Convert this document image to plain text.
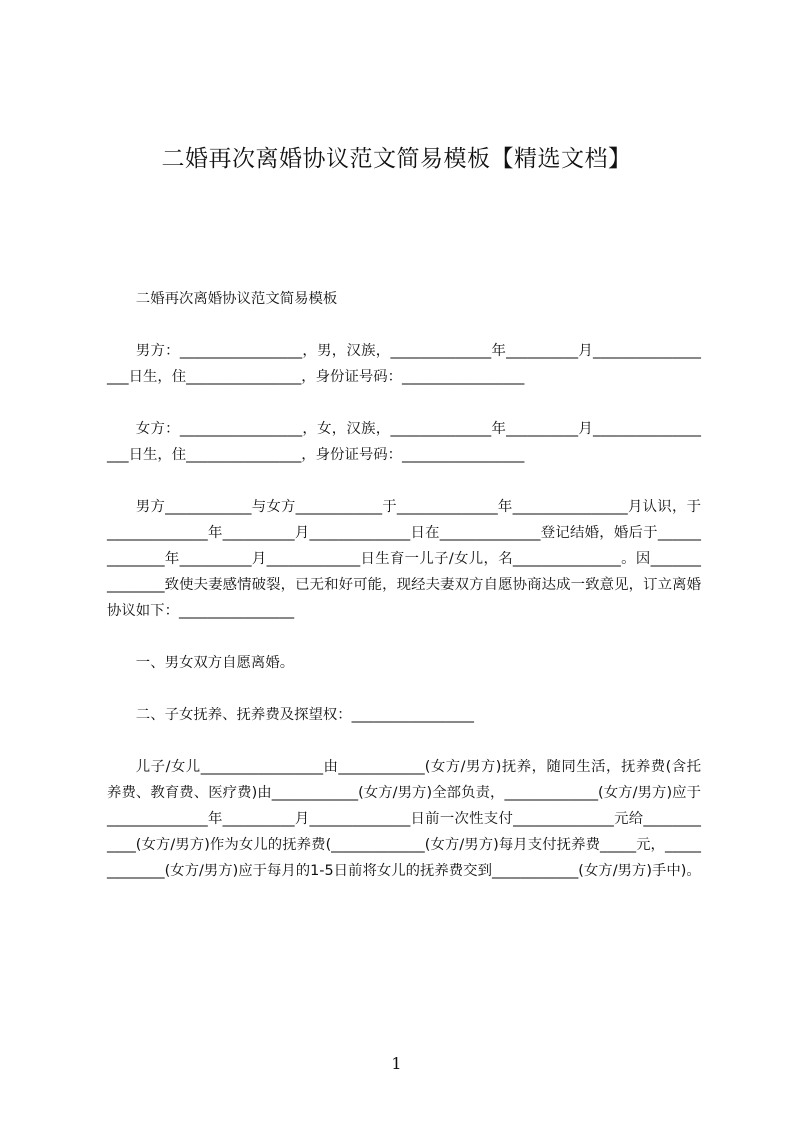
二婚再次离婚协议范文简易模板【精选文档】

二婚再次离婚协议范文简易模板

男方：_________________，男，汉族，______________年__________月__________________日生，住________________，身份证号码：_________________

女方：_________________，女，汉族，______________年__________月__________________日生，住________________，身份证号码：_________________

男方____________与女方____________于______________年________________月认识，于______________年__________月______________日在______________登记结婚，婚后于______________年__________月_____________日生育一儿子/女儿，名_______________。因_______________致使夫妻感情破裂，已无和好可能，现经夫妻双方自愿协商达成一致意见，订立离婚协议如下：________________

一、男女双方自愿离婚。

二、子女抚养、抚养费及探望权：_________________

儿子/女儿_________________由____________(女方/男方)抚养，随同生活，抚养费(含托养费、教育费、医疗费)由____________(女方/男方)全部负责，_____________(女方/男方)应于______________年__________月______________日前一次性支付______________元给____________(女方/男方)作为女儿的抚养费(_____________(女方/男方)每月支付抚养费_____元，_____________(女方/男方)应于每月的1-5日前将女儿的抚养费交到____________(女方/男方)手中)。

1
